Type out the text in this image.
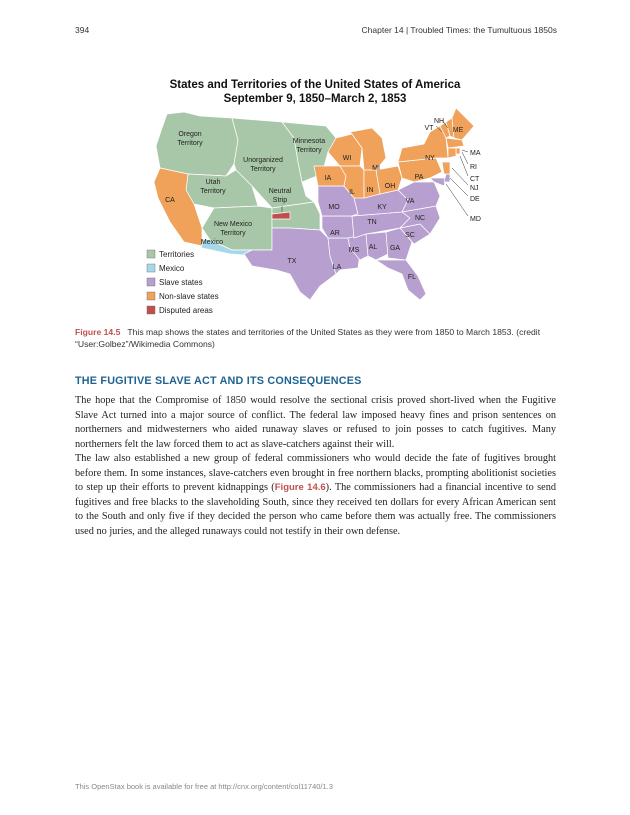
394	Chapter 14 | Troubled Times: the Tumultuous 1850s
States and Territories of the United States of America
September 9, 1850–March 2, 1853
Oregon
Territory	Minnesota
Territory
Unorganized
Territory
Utah
Territory	Neutral
Strip
New Mexico
Territory
Mexico
CA
TX
LA
AR
MO
IA
WI
MI
IL IN
OH
KY
TN
MS AL GA
FL
SC
NC
VA
PA
NY
VT
NH
ME
MA
RI
CT
NJ
DE
MD
Territories
Mexico
Slave states
Non-slave states
Disputed areas
Figure 14.5 This map shows the states and territories of the United States as they were from 1850 to March 1853. (credit “User:Golbez”/Wikimedia Commons)
THE FUGITIVE SLAVE ACT AND ITS CONSEQUENCES

The hope that the Compromise of 1850 would resolve the sectional crisis proved short-lived when the Fugitive Slave Act turned into a major source of conflict. The federal law imposed heavy fines and prison sentences on northerners and midwesterners who aided runaway slaves or refused to join posses to catch fugitives. Many northerners felt the law forced them to act as slave-catchers against their will.

The law also established a new group of federal commissioners who would decide the fate of fugitives brought before them. In some instances, slave-catchers even brought in free northern blacks, prompting abolitionist societies to step up their efforts to prevent kidnappings (Figure 14.6). The commissioners had a financial incentive to send fugitives and free blacks to the slaveholding South, since they received ten dollars for every African American sent to the South and only five if they decided the person who came before them was actually free. The commissioners used no juries, and the alleged runaways could not testify in their own defense.

This OpenStax book is available for free at http://cnx.org/content/col11740/1.3
